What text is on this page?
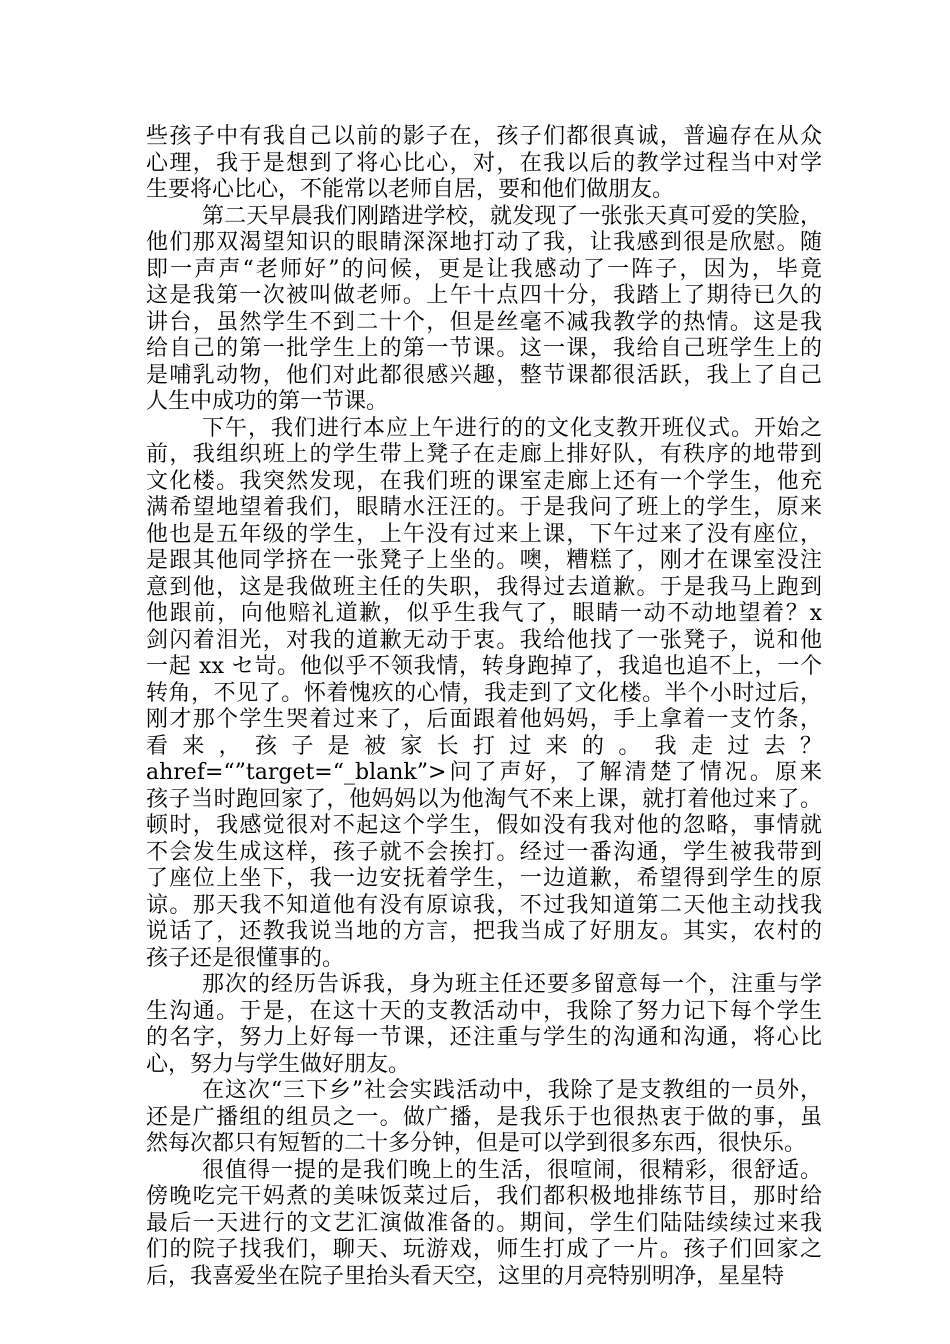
些孩子中有我自己以前的影子在，孩子们都很真诚，普遍存在从众
心理，我于是想到了将心比心，对，在我以后的教学过程当中对学
生要将心比心，不能常以老师自居，要和他们做朋友。
第二天早晨我们刚踏进学校，就发现了一张张天真可爱的笑脸，
他们那双渴望知识的眼睛深深地打动了我，让我感到很是欣慰。随
即一声声“老师好”的问候，更是让我感动了一阵子，因为，毕竟
这是我第一次被叫做老师。上午十点四十分，我踏上了期待已久的
讲台，虽然学生不到二十个，但是丝毫不减我教学的热情。这是我
给自己的第一批学生上的第一节课。这一课，我给自己班学生上的
是哺乳动物，他们对此都很感兴趣，整节课都很活跃，我上了自己
人生中成功的第一节课。
下午，我们进行本应上午进行的的文化支教开班仪式。开始之
前，我组织班上的学生带上凳子在走廊上排好队，有秩序的地带到
文化楼。我突然发现，在我们班的课室走廊上还有一个学生，他充
满希望地望着我们，眼睛水汪汪的。于是我问了班上的学生，原来
他也是五年级的学生，上午没有过来上课，下午过来了没有座位，
是跟其他同学挤在一张凳子上坐的。噢，糟糕了，刚才在课室没注
意到他，这是我做班主任的失职，我得过去道歉。于是我马上跑到
他跟前，向他赔礼道歉，似乎生我气了，眼睛一动不动地望着？x
剑闪着泪光，对我的道歉无动于衷。我给他找了一张凳子，说和他
一起 xx セ岢。他似乎不领我情，转身跑掉了，我追也追不上，一个
转角，不见了。怀着愧疚的心情，我走到了文化楼。半个小时过后，
刚才那个学生哭着过来了，后面跟着他妈妈，手上拿着一支竹条，
看 来 ， 孩 子 是 被 家 长 打 过 来 的 。 我 走 过 去 ？
ahref=“”target=“_blank”>问了声好，了解清楚了情况。原来
孩子当时跑回家了，他妈妈以为他淘气不来上课，就打着他过来了。
顿时，我感觉很对不起这个学生，假如没有我对他的忽略，事情就
不会发生成这样，孩子就不会挨打。经过一番沟通，学生被我带到
了座位上坐下，我一边安抚着学生，一边道歉，希望得到学生的原
谅。那天我不知道他有没有原谅我，不过我知道第二天他主动找我
说话了，还教我说当地的方言，把我当成了好朋友。其实，农村的
孩子还是很懂事的。
那次的经历告诉我，身为班主任还要多留意每一个，注重与学
生沟通。于是，在这十天的支教活动中，我除了努力记下每个学生
的名字，努力上好每一节课，还注重与学生的沟通和沟通，将心比
心，努力与学生做好朋友。
在这次“三下乡”社会实践活动中，我除了是支教组的一员外，
还是广播组的组员之一。做广播，是我乐于也很热衷于做的事，虽
然每次都只有短暂的二十多分钟，但是可以学到很多东西，很快乐。
很值得一提的是我们晚上的生活，很喧闹，很精彩，很舒适。
傍晚吃完干妈煮的美味饭菜过后，我们都积极地排练节目，那时给
最后一天进行的文艺汇演做准备的。期间，学生们陆陆续续过来我
们的院子找我们，聊天、玩游戏，师生打成了一片。孩子们回家之
后，我喜爱坐在院子里抬头看天空，这里的月亮特别明净，星星特
